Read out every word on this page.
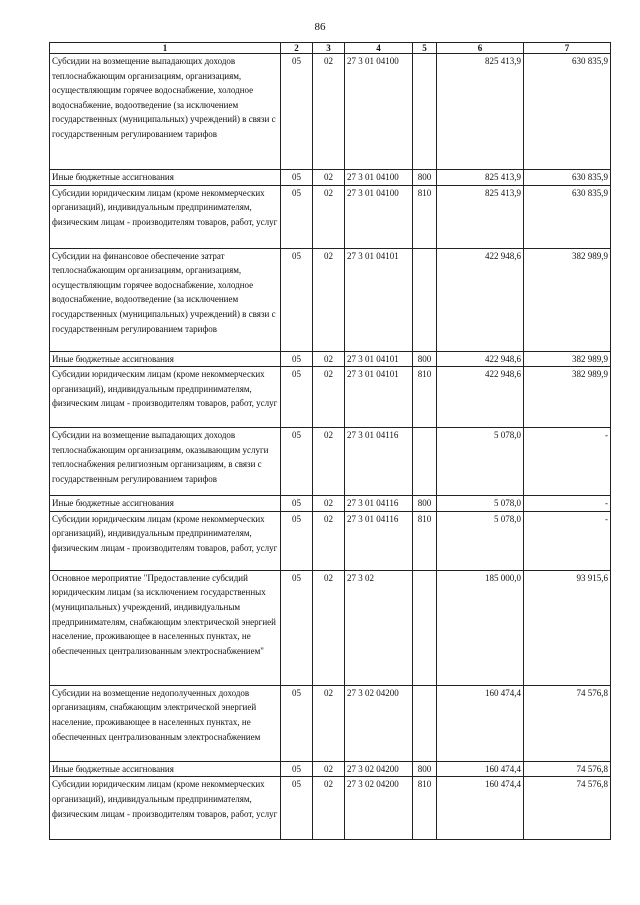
86
1	2	3	4	5	6	7
Субсидии на возмещение выпадающих доходов теплоснабжающим организациям, организациям, осуществляющим горячее водоснабжение, холодное водоснабжение, водоотведение (за исключением государственных (муниципальных) учреждений) в связи с государственным регулированием тарифов	05	02	27 3 01 04100		825 413,9	630 835,9
Иные бюджетные ассигнования	05	02	27 3 01 04100	800	825 413,9	630 835,9
Субсидии юридическим лицам (кроме некоммерческих организаций), индивидуальным предпринимателям, физическим лицам - производителям товаров, работ, услуг	05	02	27 3 01 04100	810	825 413,9	630 835,9
Субсидии на финансовое обеспечение затрат теплоснабжающим организациям, организациям, осуществляющим горячее водоснабжение, холодное водоснабжение, водоотведение (за исключением государственных (муниципальных) учреждений) в связи с государственным регулированием тарифов	05	02	27 3 01 04101		422 948,6	382 989,9
Иные бюджетные ассигнования	05	02	27 3 01 04101	800	422 948,6	382 989,9
Субсидии юридическим лицам (кроме некоммерческих организаций), индивидуальным предпринимателям, физическим лицам - производителям товаров, работ, услуг	05	02	27 3 01 04101	810	422 948,6	382 989,9
Субсидии на возмещение выпадающих доходов теплоснабжающим организациям, оказывающим услуги теплоснабжения религиозным организациям, в связи с государственным регулированием тарифов	05	02	27 3 01 04116		5 078,0	-
Иные бюджетные ассигнования	05	02	27 3 01 04116	800	5 078,0	-
Субсидии юридическим лицам (кроме некоммерческих организаций), индивидуальным предпринимателям, физическим лицам - производителям товаров, работ, услуг	05	02	27 3 01 04116	810	5 078,0	-
Основное мероприятие "Предоставление субсидий юридическим лицам (за исключением государственных (муниципальных) учреждений, индивидуальным предпринимателям, снабжающим электрической энергией население, проживающее в населенных пунктах, не обеспеченных централизованным электроснабжением"	05	02	27 3 02		185 000,0	93 915,6
Субсидии на возмещение недополученных доходов организациям, снабжающим электрической энергией население, проживающее в населенных пунктах, не обеспеченных централизованным электроснабжением	05	02	27 3 02 04200		160 474,4	74 576,8
Иные бюджетные ассигнования	05	02	27 3 02 04200	800	160 474,4	74 576,8
Субсидии юридическим лицам (кроме некоммерческих организаций), индивидуальным предпринимателям, физическим лицам - производителям товаров, работ, услуг	05	02	27 3 02 04200	810	160 474,4	74 576,8
